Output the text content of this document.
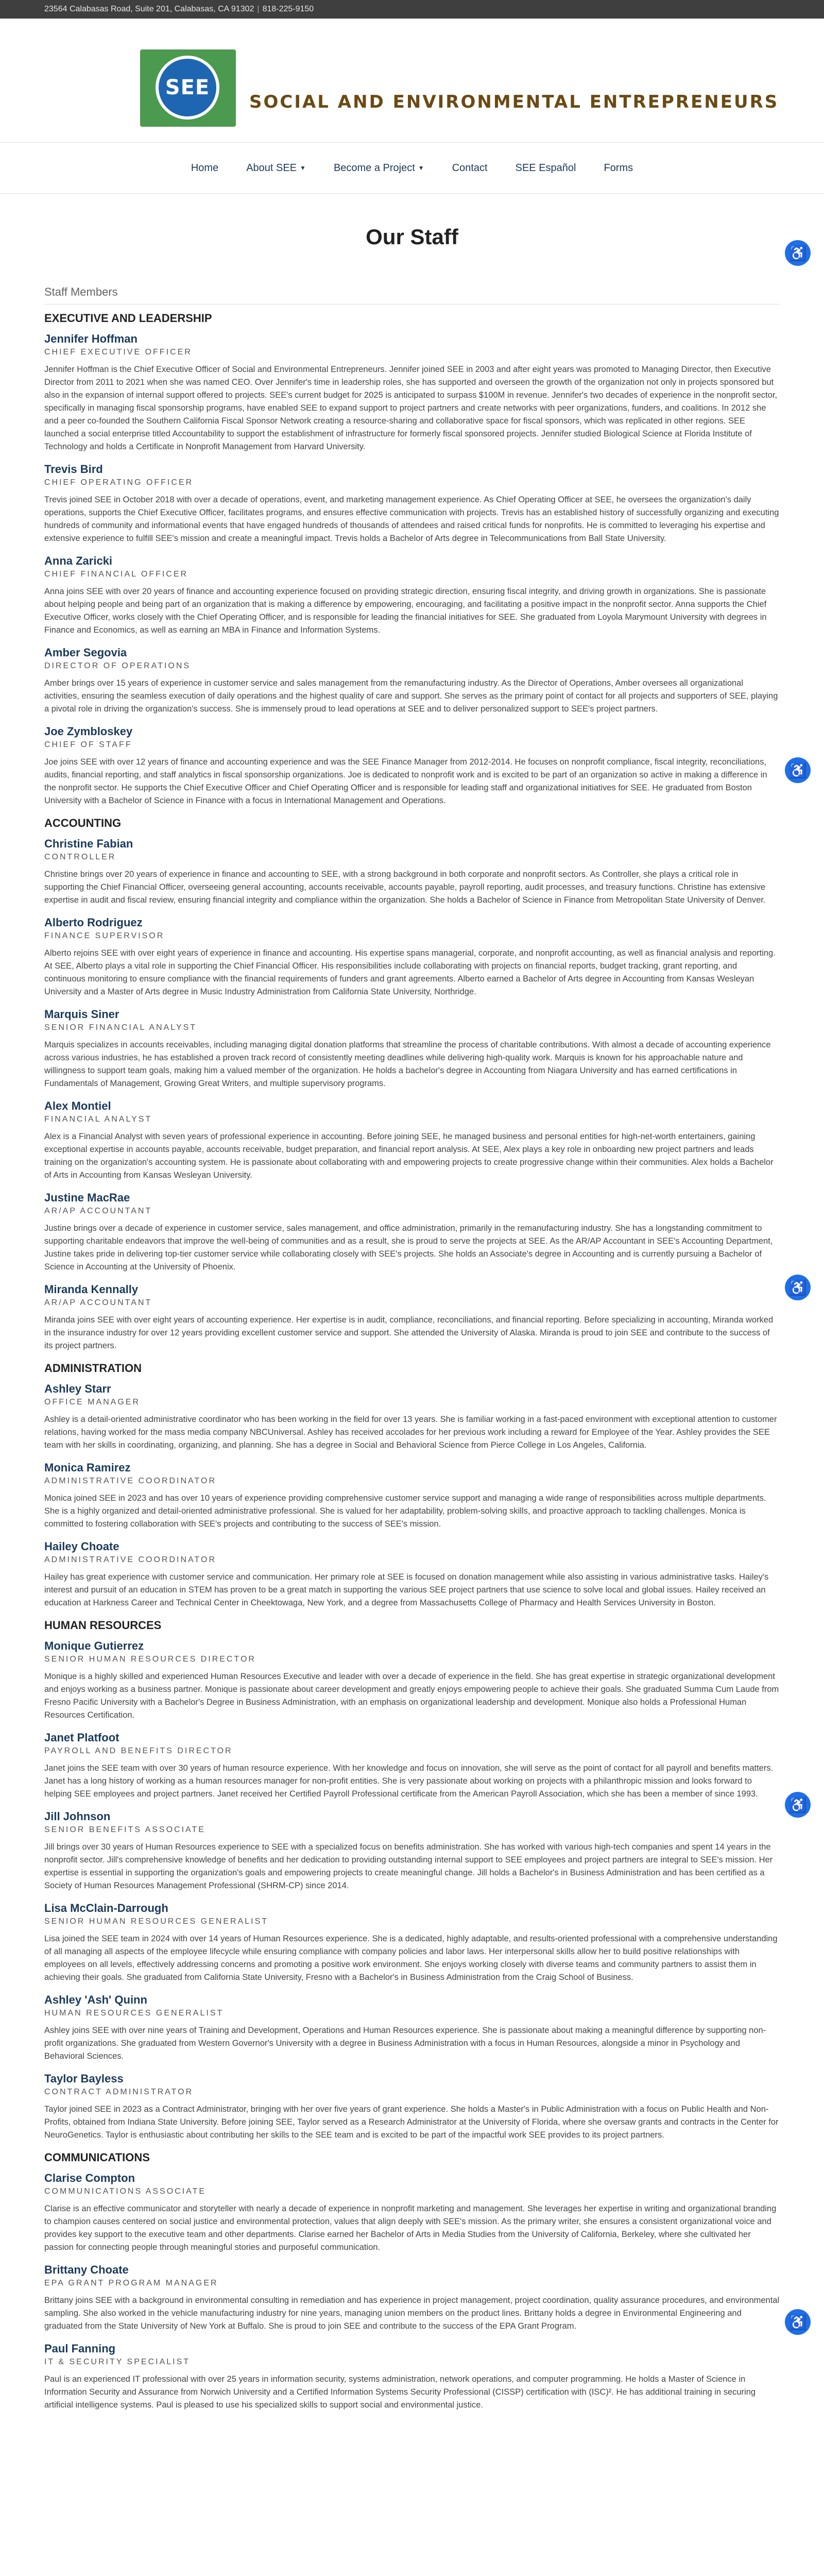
23564 Calabasas Road, Suite 201, Calabasas, CA 91302 | 818-225-9150
SEE
SOCIAL AND ENVIRONMENTAL ENTREPRENEURS
Home	About SEE ▼	Become a Project ▼	Contact	SEE Español	Forms
Our Staff
Staff Members
EXECUTIVE AND LEADERSHIP
Jennifer Hoffman
CHIEF EXECUTIVE OFFICER
Jennifer Hoffman is the Chief Executive Officer of Social and Environmental Entrepreneurs. Jennifer joined SEE in 2003 and after eight years was promoted to Managing Director, then Executive Director from 2011 to 2021 when she was named CEO. Over Jennifer's time in leadership roles, she has supported and overseen the growth of the organization not only in projects sponsored but also in the expansion of internal support offered to projects. SEE's current budget for 2025 is anticipated to surpass $100M in revenue. Jennifer's two decades of experience in the nonprofit sector, specifically in managing fiscal sponsorship programs, have enabled SEE to expand support to project partners and create networks with peer organizations, funders, and coalitions. In 2012 she and a peer co-founded the Southern California Fiscal Sponsor Network creating a resource-sharing and collaborative space for fiscal sponsors, which was replicated in other regions. SEE launched a social enterprise titled Accountability to support the establishment of infrastructure for formerly fiscal sponsored projects. Jennifer studied Biological Science at Florida Institute of Technology and holds a Certificate in Nonprofit Management from Harvard University.
Trevis Bird
CHIEF OPERATING OFFICER
Trevis joined SEE in October 2018 with over a decade of operations, event, and marketing management experience. As Chief Operating Officer at SEE, he oversees the organization's daily operations, supports the Chief Executive Officer, facilitates programs, and ensures effective communication with projects. Trevis has an established history of successfully organizing and executing hundreds of community and informational events that have engaged hundreds of thousands of attendees and raised critical funds for nonprofits. He is committed to leveraging his expertise and extensive experience to fulfill SEE's mission and create a meaningful impact. Trevis holds a Bachelor of Arts degree in Telecommunications from Ball State University.
Anna Zaricki
CHIEF FINANCIAL OFFICER
Anna joins SEE with over 20 years of finance and accounting experience focused on providing strategic direction, ensuring fiscal integrity, and driving growth in organizations. She is passionate about helping people and being part of an organization that is making a difference by empowering, encouraging, and facilitating a positive impact in the nonprofit sector. Anna supports the Chief Executive Officer, works closely with the Chief Operating Officer, and is responsible for leading the financial initiatives for SEE. She graduated from Loyola Marymount University with degrees in Finance and Economics, as well as earning an MBA in Finance and Information Systems.
Amber Segovia
DIRECTOR OF OPERATIONS
Amber brings over 15 years of experience in customer service and sales management from the remanufacturing industry. As the Director of Operations, Amber oversees all organizational activities, ensuring the seamless execution of daily operations and the highest quality of care and support. She serves as the primary point of contact for all projects and supporters of SEE, playing a pivotal role in driving the organization's success. She is immensely proud to lead operations at SEE and to deliver personalized support to SEE's project partners.
Joe Zymbloskey
CHIEF OF STAFF
Joe joins SEE with over 12 years of finance and accounting experience and was the SEE Finance Manager from 2012-2014. He focuses on nonprofit compliance, fiscal integrity, reconciliations, audits, financial reporting, and staff analytics in fiscal sponsorship organizations. Joe is dedicated to nonprofit work and is excited to be part of an organization so active in making a difference in the nonprofit sector. He supports the Chief Executive Officer and Chief Operating Officer and is responsible for leading staff and organizational initiatives for SEE. He graduated from Boston University with a Bachelor of Science in Finance with a focus in International Management and Operations.
ACCOUNTING
Christine Fabian
CONTROLLER
Christine brings over 20 years of experience in finance and accounting to SEE, with a strong background in both corporate and nonprofit sectors. As Controller, she plays a critical role in supporting the Chief Financial Officer, overseeing general accounting, accounts receivable, accounts payable, payroll reporting, audit processes, and treasury functions. Christine has extensive expertise in audit and fiscal review, ensuring financial integrity and compliance within the organization. She holds a Bachelor of Science in Finance from Metropolitan State University of Denver.
Alberto Rodriguez
FINANCE SUPERVISOR
Alberto rejoins SEE with over eight years of experience in finance and accounting. His expertise spans managerial, corporate, and nonprofit accounting, as well as financial analysis and reporting. At SEE, Alberto plays a vital role in supporting the Chief Financial Officer. His responsibilities include collaborating with projects on financial reports, budget tracking, grant reporting, and continuous monitoring to ensure compliance with the financial requirements of funders and grant agreements. Alberto earned a Bachelor of Arts degree in Accounting from Kansas Wesleyan University and a Master of Arts degree in Music Industry Administration from California State University, Northridge.
Marquis Siner
SENIOR FINANCIAL ANALYST
Marquis specializes in accounts receivables, including managing digital donation platforms that streamline the process of charitable contributions. With almost a decade of accounting experience across various industries, he has established a proven track record of consistently meeting deadlines while delivering high-quality work. Marquis is known for his approachable nature and willingness to support team goals, making him a valued member of the organization. He holds a bachelor's degree in Accounting from Niagara University and has earned certifications in Fundamentals of Management, Growing Great Writers, and multiple supervisory programs.
Alex Montiel
FINANCIAL ANALYST
Alex is a Financial Analyst with seven years of professional experience in accounting. Before joining SEE, he managed business and personal entities for high-net-worth entertainers, gaining exceptional expertise in accounts payable, accounts receivable, budget preparation, and financial report analysis. At SEE, Alex plays a key role in onboarding new project partners and leads training on the organization's accounting system. He is passionate about collaborating with and empowering projects to create progressive change within their communities. Alex holds a Bachelor of Arts in Accounting from Kansas Wesleyan University.
Justine MacRae
AR/AP ACCOUNTANT
Justine brings over a decade of experience in customer service, sales management, and office administration, primarily in the remanufacturing industry. She has a longstanding commitment to supporting charitable endeavors that improve the well-being of communities and as a result, she is proud to serve the projects at SEE. As the AR/AP Accountant in SEE's Accounting Department, Justine takes pride in delivering top-tier customer service while collaborating closely with SEE's projects. She holds an Associate's degree in Accounting and is currently pursuing a Bachelor of Science in Accounting at the University of Phoenix.
Miranda Kennally
AR/AP ACCOUNTANT
Miranda joins SEE with over eight years of accounting experience. Her expertise is in audit, compliance, reconciliations, and financial reporting. Before specializing in accounting, Miranda worked in the insurance industry for over 12 years providing excellent customer service and support. She attended the University of Alaska. Miranda is proud to join SEE and contribute to the success of its project partners.
ADMINISTRATION
Ashley Starr
OFFICE MANAGER
Ashley is a detail-oriented administrative coordinator who has been working in the field for over 13 years. She is familiar working in a fast-paced environment with exceptional attention to customer relations, having worked for the mass media company NBCUniversal. Ashley has received accolades for her previous work including a reward for Employee of the Year. Ashley provides the SEE team with her skills in coordinating, organizing, and planning. She has a degree in Social and Behavioral Science from Pierce College in Los Angeles, California.
Monica Ramirez
ADMINISTRATIVE COORDINATOR
Monica joined SEE in 2023 and has over 10 years of experience providing comprehensive customer service support and managing a wide range of responsibilities across multiple departments. She is a highly organized and detail-oriented administrative professional. She is valued for her adaptability, problem-solving skills, and proactive approach to tackling challenges. Monica is committed to fostering collaboration with SEE's projects and contributing to the success of SEE's mission.
Hailey Choate
ADMINISTRATIVE COORDINATOR
Hailey has great experience with customer service and communication. Her primary role at SEE is focused on donation management while also assisting in various administrative tasks. Hailey's interest and pursuit of an education in STEM has proven to be a great match in supporting the various SEE project partners that use science to solve local and global issues. Hailey received an education at Harkness Career and Technical Center in Cheektowaga, New York, and a degree from Massachusetts College of Pharmacy and Health Services University in Boston.
HUMAN RESOURCES
Monique Gutierrez
SENIOR HUMAN RESOURCES DIRECTOR
Monique is a highly skilled and experienced Human Resources Executive and leader with over a decade of experience in the field. She has great expertise in strategic organizational development and enjoys working as a business partner. Monique is passionate about career development and greatly enjoys empowering people to achieve their goals. She graduated Summa Cum Laude from Fresno Pacific University with a Bachelor's Degree in Business Administration, with an emphasis on organizational leadership and development. Monique also holds a Professional Human Resources Certification.
Janet Platfoot
PAYROLL AND BENEFITS DIRECTOR
Janet joins the SEE team with over 30 years of human resource experience. With her knowledge and focus on innovation, she will serve as the point of contact for all payroll and benefits matters. Janet has a long history of working as a human resources manager for non-profit entities. She is very passionate about working on projects with a philanthropic mission and looks forward to helping SEE employees and project partners. Janet received her Certified Payroll Professional certificate from the American Payroll Association, which she has been a member of since 1993.
Jill Johnson
SENIOR BENEFITS ASSOCIATE
Jill brings over 30 years of Human Resources experience to SEE with a specialized focus on benefits administration. She has worked with various high-tech companies and spent 14 years in the nonprofit sector. Jill's comprehensive knowledge of benefits and her dedication to providing outstanding internal support to SEE employees and project partners are integral to SEE's mission. Her expertise is essential in supporting the organization's goals and empowering projects to create meaningful change. Jill holds a Bachelor's in Business Administration and has been certified as a Society of Human Resources Management Professional (SHRM-CP) since 2014.
Lisa McClain-Darrough
SENIOR HUMAN RESOURCES GENERALIST
Lisa joined the SEE team in 2024 with over 14 years of Human Resources experience. She is a dedicated, highly adaptable, and results-oriented professional with a comprehensive understanding of all managing all aspects of the employee lifecycle while ensuring compliance with company policies and labor laws. Her interpersonal skills allow her to build positive relationships with employees on all levels, effectively addressing concerns and promoting a positive work environment. She enjoys working closely with diverse teams and community partners to assist them in achieving their goals. She graduated from California State University, Fresno with a Bachelor's in Business Administration from the Craig School of Business.
Ashley 'Ash' Quinn
HUMAN RESOURCES GENERALIST
Ashley joins SEE with over nine years of Training and Development, Operations and Human Resources experience. She is passionate about making a meaningful difference by supporting non-profit organizations. She graduated from Western Governor's University with a degree in Business Administration with a focus in Human Resources, alongside a minor in Psychology and Behavioral Sciences.
Taylor Bayless
CONTRACT ADMINISTRATOR
Taylor joined SEE in 2023 as a Contract Administrator, bringing with her over five years of grant experience. She holds a Master's in Public Administration with a focus on Public Health and Non-Profits, obtained from Indiana State University. Before joining SEE, Taylor served as a Research Administrator at the University of Florida, where she oversaw grants and contracts in the Center for NeuroGenetics. Taylor is enthusiastic about contributing her skills to the SEE team and is excited to be part of the impactful work SEE provides to its project partners.
COMMUNICATIONS
Clarise Compton
COMMUNICATIONS ASSOCIATE
Clarise is an effective communicator and storyteller with nearly a decade of experience in nonprofit marketing and management. She leverages her expertise in writing and organizational branding to champion causes centered on social justice and environmental protection, values that align deeply with SEE's mission. As the primary writer, she ensures a consistent organizational voice and provides key support to the executive team and other departments. Clarise earned her Bachelor of Arts in Media Studies from the University of California, Berkeley, where she cultivated her passion for connecting people through meaningful stories and purposeful communication.
Brittany Choate
EPA GRANT PROGRAM MANAGER
Brittany joins SEE with a background in environmental consulting in remediation and has experience in project management, project coordination, quality assurance procedures, and environmental sampling. She also worked in the vehicle manufacturing industry for nine years, managing union members on the product lines. Brittany holds a degree in Environmental Engineering and graduated from the State University of New York at Buffalo. She is proud to join SEE and contribute to the success of the EPA Grant Program.
Paul Fanning
IT & SECURITY SPECIALIST
Paul is an experienced IT professional with over 25 years in information security, systems administration, network operations, and computer programming. He holds a Master of Science in Information Security and Assurance from Norwich University and a Certified Information Systems Security Professional (CISSP) certification with (ISC)². He has additional training in securing artificial intelligence systems. Paul is pleased to use his specialized skills to support social and environmental justice.
♿
♿
♿
♿
♿
